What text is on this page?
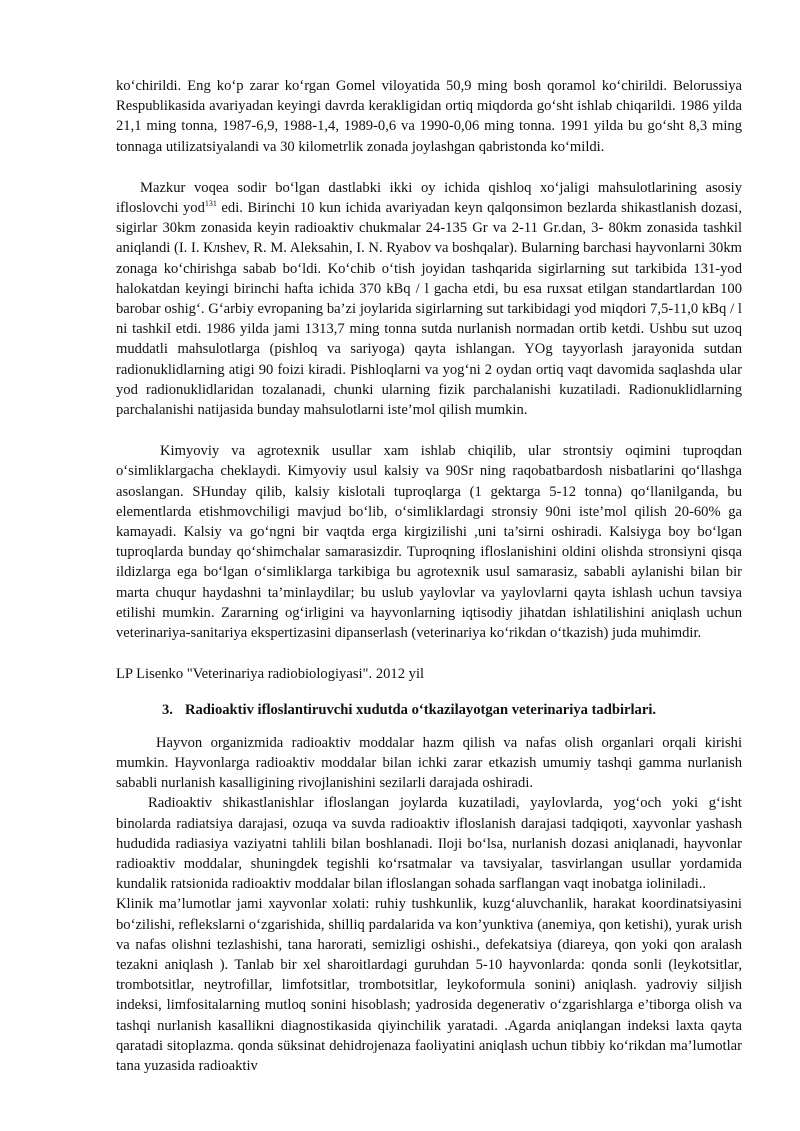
ko‘chirildi. Eng ko‘p zarar ko‘rgan Gomel viloyatida 50,9 ming bosh qoramol ko‘chirildi. Belorussiya Respublikasida avariyadan keyingi davrda kerakligidan ortiq miqdorda go‘sht ishlab chiqarildi. 1986 yilda 21,1 ming tonna, 1987-6,9, 1988-1,4, 1989-0,6 va 1990-0,06 ming tonna. 1991 yilda bu go‘sht 8,3 ming tonnaga utilizatsiyalandi va 30 kilometrlik zonada joylashgan qabristonda ko‘mildi.

Mazkur voqea sodir bo‘lgan dastlabki ikki oy ichida qishloq xo‘jaligi mahsulotlarining asosiy ifloslovchi yod$^{131}$ edi. Birinchi 10 kun ichida avariyadan keyn qalqonsimon bezlarda shikastlanish dozasi, sigirlar 30km zonasida keyin radioaktiv chukmalar 24-135 Gr va 2-11 Gr.dan, 3- 80km zonasida tashkil aniqlandi (I. I. Клshev, R. M. Aleksahin, I. N. Ryabov va boshqalar). Bularning barchasi hayvonlarni 30km zonaga ko‘chirishga sabab bo‘ldi. Ko‘chib o‘tish joyidan tashqarida sigirlarning sut tarkibida 131-yod halokatdan keyingi birinchi hafta ichida 370 kBq / l gacha etdi, bu esa ruxsat etilgan standartlardan 100 barobar oshig‘. G‘arbiy evropaning ba’zi joylarida sigirlarning sut tarkibidagi yod miqdori 7,5-11,0 kBq / l ni tashkil etdi. 1986 yilda jami 1313,7 ming tonna sutda nurlanish normadan ortib ketdi. Ushbu sut uzoq muddatli mahsulotlarga (pishloq va sariyoga) qayta ishlangan. YOg tayyorlash jarayonida sutdan radionuklidlarning atigi 90 foizi kiradi. Pishloqlarni va yog‘ni 2 oydan ortiq vaqt davomida saqlashda ular yod radionuklidlaridan tozalanadi, chunki ularning fizik parchalanishi kuzatiladi. Radionuklidlarning parchalanishi natijasida bunday mahsulotlarni iste’mol qilish mumkin.

Kimyoviy va agrotexnik usullar xam ishlab chiqilib, ular strontsiy oqimini tuproqdan o‘simliklargacha cheklaydi. Kimyoviy usul kalsiy va 90Sr ning raqobatbardosh nisbatlarini qo‘llashga asoslangan. SHunday qilib, kalsiy kislotali tuproqlarga (1 gektarga 5-12 tonna) qo‘llanilganda, bu elementlarda etishmovchiligi mavjud bo‘lib, o‘simliklardagi stronsiy 90ni iste’mol qilish 20-60% ga kamayadi. Kalsiy va go‘ngni bir vaqtda erga kirgizilishi ,uni ta’sirni oshiradi. Kalsiyga boy bo‘lgan tuproqlarda bunday qo‘shimchalar samarasizdir. Tuproqning ifloslanishini oldini olishda stronsiyni qisqa ildizlarga ega bo‘lgan o‘simliklarga tarkibiga bu agrotexnik usul samarasiz, sababli aylanishi bilan bir marta chuqur haydashni ta’minlaydilar; bu uslub yaylovlar va yaylovlarni qayta ishlash uchun tavsiya etilishi mumkin. Zararning og‘irligini va hayvonlarning iqtisodiy jihatdan ishlatilishini aniqlash uchun veterinariya-sanitariya ekspertizasini dipanserlash (veterinariya ko‘rikdan o‘tkazish) juda muhimdir.

LP Lisenko "Veterinariya radiobiologiyasi". 2012 yil

3. Radioaktiv ifloslantiruvchi xudutda o‘tkazilayotgan veterinariya tadbirlari.

Hayvon organizmida radioaktiv moddalar hazm qilish va nafas olish organlari orqali kirishi mumkin. Hayvonlarga radioaktiv moddalar bilan ichki zarar etkazish umumiy tashqi gamma nurlanish sababli nurlanish kasalligining rivojlanishini sezilarli darajada oshiradi.

Radioaktiv shikastlanishlar ifloslangan joylarda kuzatiladi, yaylovlarda, yog‘och yoki g‘isht binolarda radiatsiya darajasi, ozuqa va suvda radioaktiv ifloslanish darajasi tadqiqoti, xayvonlar yashash hududida radiasiya vaziyatni tahlili bilan boshlanadi. Iloji bo‘lsa, nurlanish dozasi aniqlanadi, hayvonlar radioaktiv moddalar, shuningdek tegishli ko‘rsatmalar va tavsiyalar, tasvirlangan usullar yordamida kundalik ratsionida radioaktiv moddalar bilan ifloslangan sohada sarflangan vaqt inobatga ioliniladi..

Klinik ma’lumotlar jami xayvonlar xolati: ruhiy tushkunlik, kuzg‘aluvchanlik, harakat koordinatsiyasini bo‘zilishi, reflekslarni o‘zgarishida, shilliq pardalarida va kon’yunktiva (anemiya, qon ketishi), yurak urish va nafas olishni tezlashishi, tana harorati, semizligi oshishi., defekatsiya (diareya, qon yoki qon aralash tezakni aniqlash ). Tanlab bir xel sharoitlardagi guruhdan 5-10 hayvonlarda: qonda sonli (leykotsitlar, trombotsitlar, neytrofillar, limfotsitlar, trombotsitlar, leykoformula sonini) aniqlash. yadroviy siljish indeksi, limfositalarning mutloq sonini hisoblash; yadrosida degenerativ o‘zgarishlarga e’tiborga olish va tashqi nurlanish kasallikni diagnostikasida qiyinchilik yaratadi. .Agarda aniqlangan indeksi laxta qayta qaratadi sitoplazma. qonda süksinat dehidrojenaza faoliyatini aniqlash uchun tibbiy ko‘rikdan ma’lumotlar tana yuzasida radioaktiv
